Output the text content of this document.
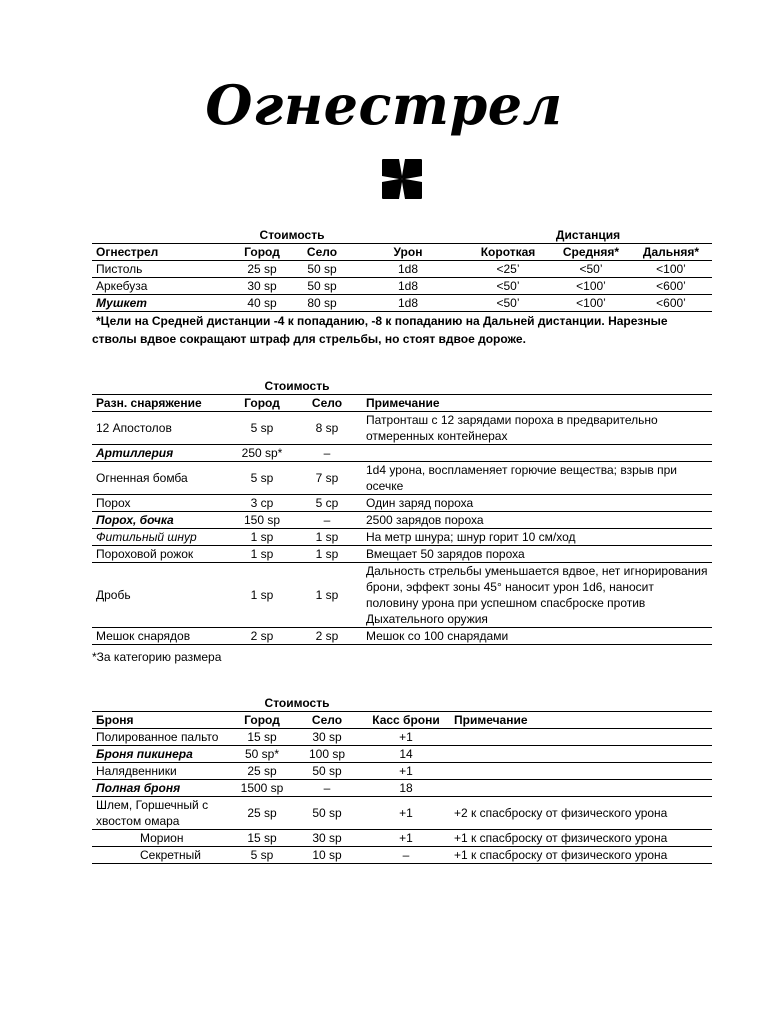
Огнестрел
	Стоимость			Дистанция		
Огнестрел	Город	Село	Урон	Короткая	Средняя*	Дальняя*
Пистоль	25 sp	50 sp	1d8	<25’	<50’	<100’
Аркебуза	30 sp	50 sp	1d8	<50’	<100’	<600’
Мушкет	40 sp	80 sp	1d8	<50’	<100’	<600’
*Цели на Средней дистанции -4 к попаданию, -8 к попаданию на Дальней дистанции. Нарезные
стволы вдвое сокращают штраф для стрельбы, но стоят вдвое дороже.
	Стоимость		
Разн. снаряжение	Город	Село	Примечание
12 Апостолов	5 sp	8 sp	Патронташ с 12 зарядами пороха в предварительно отмеренных контейнерах
Артиллерия	250 sp*	–	
Огненная бомба	5 sp	7 sp	1d4 урона, воспламеняет горючие вещества; взрыв при осечке
Порох	3 cp	5 cp	Один заряд пороха
Порох, бочка	150 sp	–	2500 зарядов пороха
Фитильный шнур	1 sp	1 sp	На метр шнура; шнур горит 10 см/ход
Пороховой рожок	1 sp	1 sp	Вмещает 50 зарядов пороха
Дробь	1 sp	1 sp	Дальность стрельбы уменьшается вдвое, нет игнорирования брони, эффект зоны 45° наносит урон 1d6, наносит половину урона при успешном спасброске против Дыхательного оружия
Мешок снарядов	2 sp	2 sp	Мешок со 100 снарядами
*За категорию размера
	Стоимость			
Броня	Город	Село	Касс брони	Примечание
Полированное пальто	15 sp	30 sp	+1	
Броня пикинера	50 sp*	100 sp	14	
Налядвенники	25 sp	50 sp	+1	
Полная броня	1500 sp	–	18	
Шлем, Горшечный с хвостом омара	25 sp	50 sp	+1	+2 к спасброску от физического урона
Морион	15 sp	30 sp	+1	+1 к спасброску от физического урона
Секретный	5 sp	10 sp	–	+1 к спасброску от физического урона
